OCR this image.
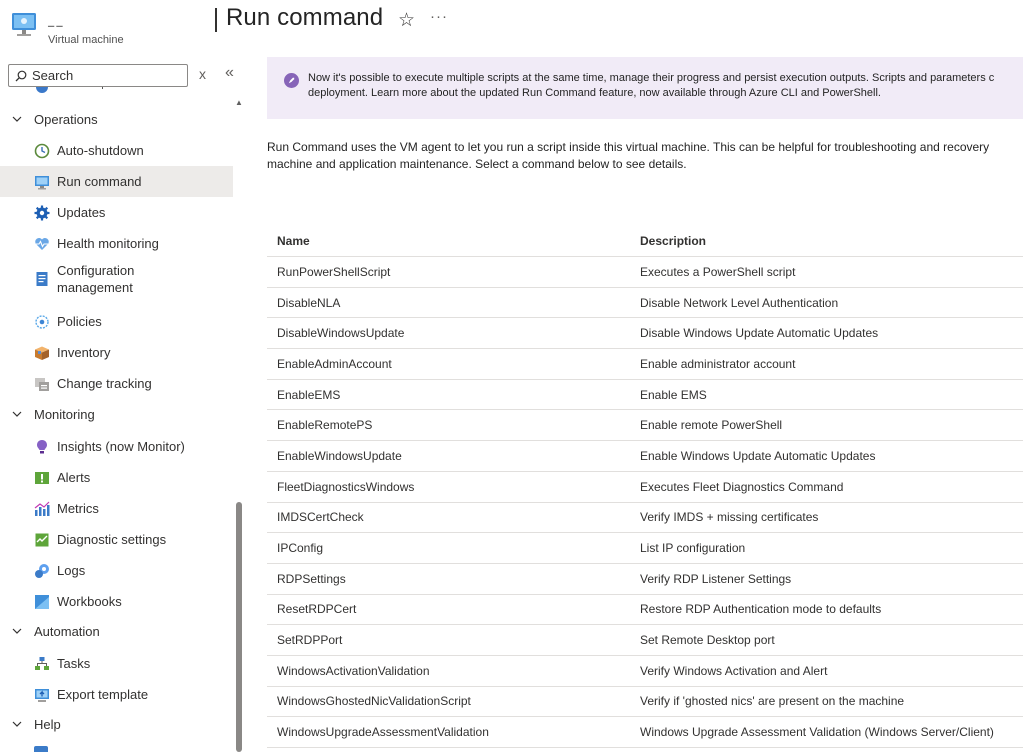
▁ ▁
Virtual machine
Run command ☆ ···
Search
x «
Operations
Auto-shutdown
Run command
Updates
Health monitoring
Configuration management
Policies
Inventory
Change tracking
Monitoring
Insights (now Monitor)
Alerts
Metrics
Diagnostic settings
Logs
Workbooks
Automation
Tasks
Export template
Help
▲
Now it's possible to execute multiple scripts at the same time, manage their progress and persist execution outputs. Scripts and parameters c
deployment. Learn more about the updated Run Command feature, now available through Azure CLI and PowerShell.
Run Command uses the VM agent to let you run a script inside this virtual machine. This can be helpful for troubleshooting and recovery
machine and application maintenance. Select a command below to see details.
Name	Description
RunPowerShellScript	Executes a PowerShell script
DisableNLA	Disable Network Level Authentication
DisableWindowsUpdate	Disable Windows Update Automatic Updates
EnableAdminAccount	Enable administrator account
EnableEMS	Enable EMS
EnableRemotePS	Enable remote PowerShell
EnableWindowsUpdate	Enable Windows Update Automatic Updates
FleetDiagnosticsWindows	Executes Fleet Diagnostics Command
IMDSCertCheck	Verify IMDS + missing certificates
IPConfig	List IP configuration
RDPSettings	Verify RDP Listener Settings
ResetRDPCert	Restore RDP Authentication mode to defaults
SetRDPPort	Set Remote Desktop port
WindowsActivationValidation	Verify Windows Activation and Alert
WindowsGhostedNicValidationScript	Verify if 'ghosted nics' are present on the machine
WindowsUpgradeAssessmentValidation	Windows Upgrade Assessment Validation (Windows Server/Client)
